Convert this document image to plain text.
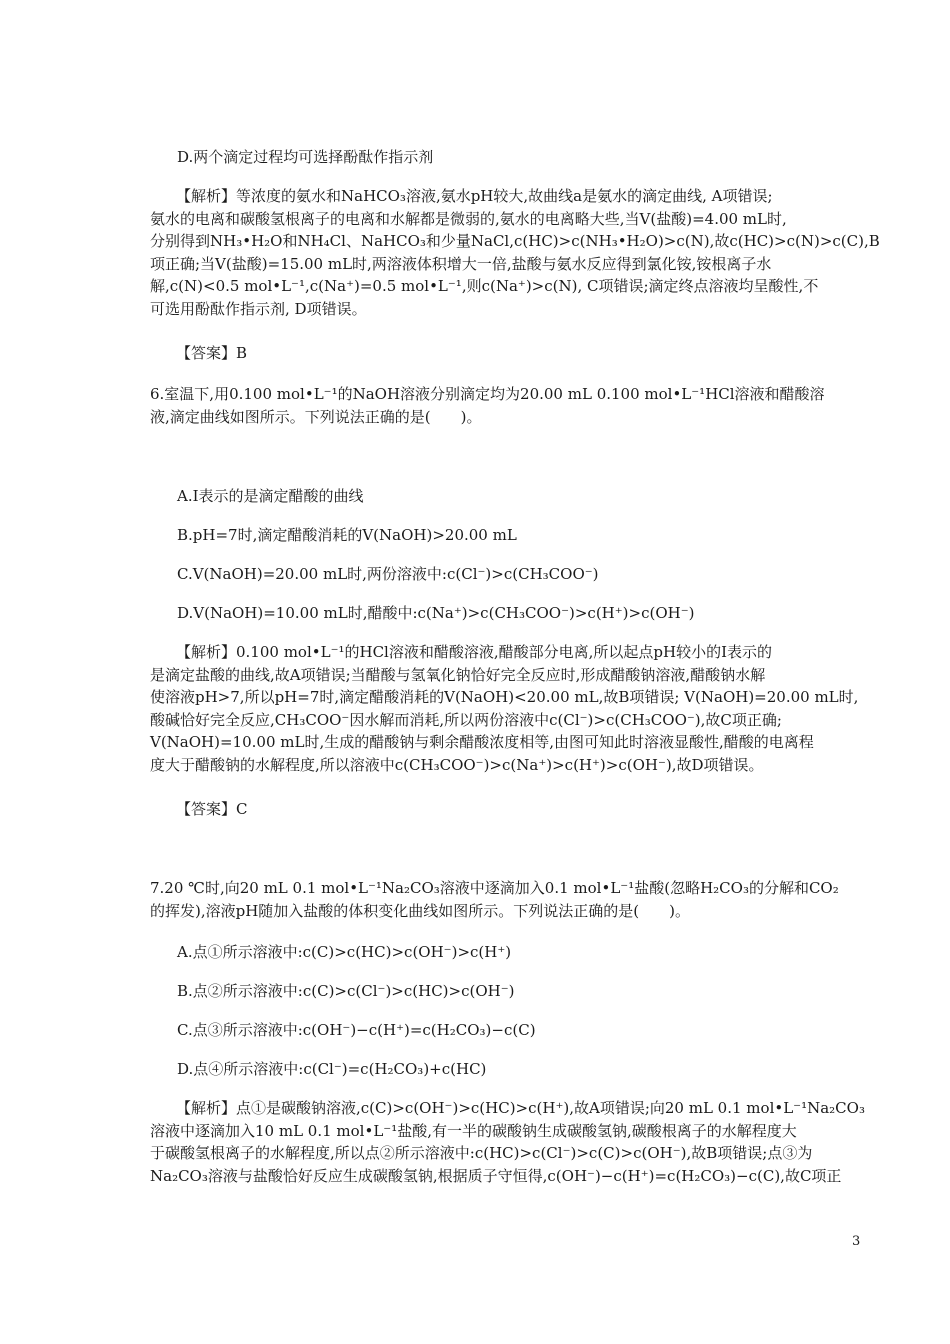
D.两个滴定过程均可选择酚酞作指示剂
【解析】等浓度的氨水和NaHCO₃溶液,氨水pH较大,故曲线a是氨水的滴定曲线, A项错误;
氨水的电离和碳酸氢根离子的电离和水解都是微弱的,氨水的电离略大些,当V(盐酸)=4.00 mL时,
分别得到NH₃•H₂O和NH₄Cl、NaHCO₃和少量NaCl,c(HC)>c(NH₃•H₂O)>c(N),故c(HC)>c(N)>c(C),B
项正确;当V(盐酸)=15.00 mL时,两溶液体积增大一倍,盐酸与氨水反应得到氯化铵,铵根离子水
解,c(N)<0.5 mol•L⁻¹,c(Na⁺)=0.5 mol•L⁻¹,则c(Na⁺)>c(N), C项错误;滴定终点溶液均呈酸性,不
可选用酚酞作指示剂, D项错误。
【答案】B
6.室温下,用0.100 mol•L⁻¹的NaOH溶液分别滴定均为20.00 mL 0.100 mol•L⁻¹HCl溶液和醋酸溶
液,滴定曲线如图所示。下列说法正确的是(　　)。
A.Ⅰ表示的是滴定醋酸的曲线
B.pH=7时,滴定醋酸消耗的V(NaOH)>20.00 mL
C.V(NaOH)=20.00 mL时,两份溶液中:c(Cl⁻)>c(CH₃COO⁻)
D.V(NaOH)=10.00 mL时,醋酸中:c(Na⁺)>c(CH₃COO⁻)>c(H⁺)>c(OH⁻)
【解析】0.100 mol•L⁻¹的HCl溶液和醋酸溶液,醋酸部分电离,所以起点pH较小的Ⅰ表示的
是滴定盐酸的曲线,故A项错误;当醋酸与氢氧化钠恰好完全反应时,形成醋酸钠溶液,醋酸钠水解
使溶液pH>7,所以pH=7时,滴定醋酸消耗的V(NaOH)<20.00 mL,故B项错误; V(NaOH)=20.00 mL时,
酸碱恰好完全反应,CH₃COO⁻因水解而消耗,所以两份溶液中c(Cl⁻)>c(CH₃COO⁻),故C项正确;
V(NaOH)=10.00 mL时,生成的醋酸钠与剩余醋酸浓度相等,由图可知此时溶液显酸性,醋酸的电离程
度大于醋酸钠的水解程度,所以溶液中c(CH₃COO⁻)>c(Na⁺)>c(H⁺)>c(OH⁻),故D项错误。
【答案】C
7.20 ℃时,向20 mL 0.1 mol•L⁻¹Na₂CO₃溶液中逐滴加入0.1 mol•L⁻¹盐酸(忽略H₂CO₃的分解和CO₂
的挥发),溶液pH随加入盐酸的体积变化曲线如图所示。下列说法正确的是(　　)。
A.点①所示溶液中:c(C)>c(HC)>c(OH⁻)>c(H⁺)
B.点②所示溶液中:c(C)>c(Cl⁻)>c(HC)>c(OH⁻)
C.点③所示溶液中:c(OH⁻)−c(H⁺)=c(H₂CO₃)−c(C)
D.点④所示溶液中:c(Cl⁻)=c(H₂CO₃)+c(HC)
【解析】点①是碳酸钠溶液,c(C)>c(OH⁻)>c(HC)>c(H⁺),故A项错误;向20 mL 0.1 mol•L⁻¹Na₂CO₃
溶液中逐滴加入10 mL 0.1 mol•L⁻¹盐酸,有一半的碳酸钠生成碳酸氢钠,碳酸根离子的水解程度大
于碳酸氢根离子的水解程度,所以点②所示溶液中:c(HC)>c(Cl⁻)>c(C)>c(OH⁻),故B项错误;点③为
Na₂CO₃溶液与盐酸恰好反应生成碳酸氢钠,根据质子守恒得,c(OH⁻)−c(H⁺)=c(H₂CO₃)−c(C),故C项正
3
